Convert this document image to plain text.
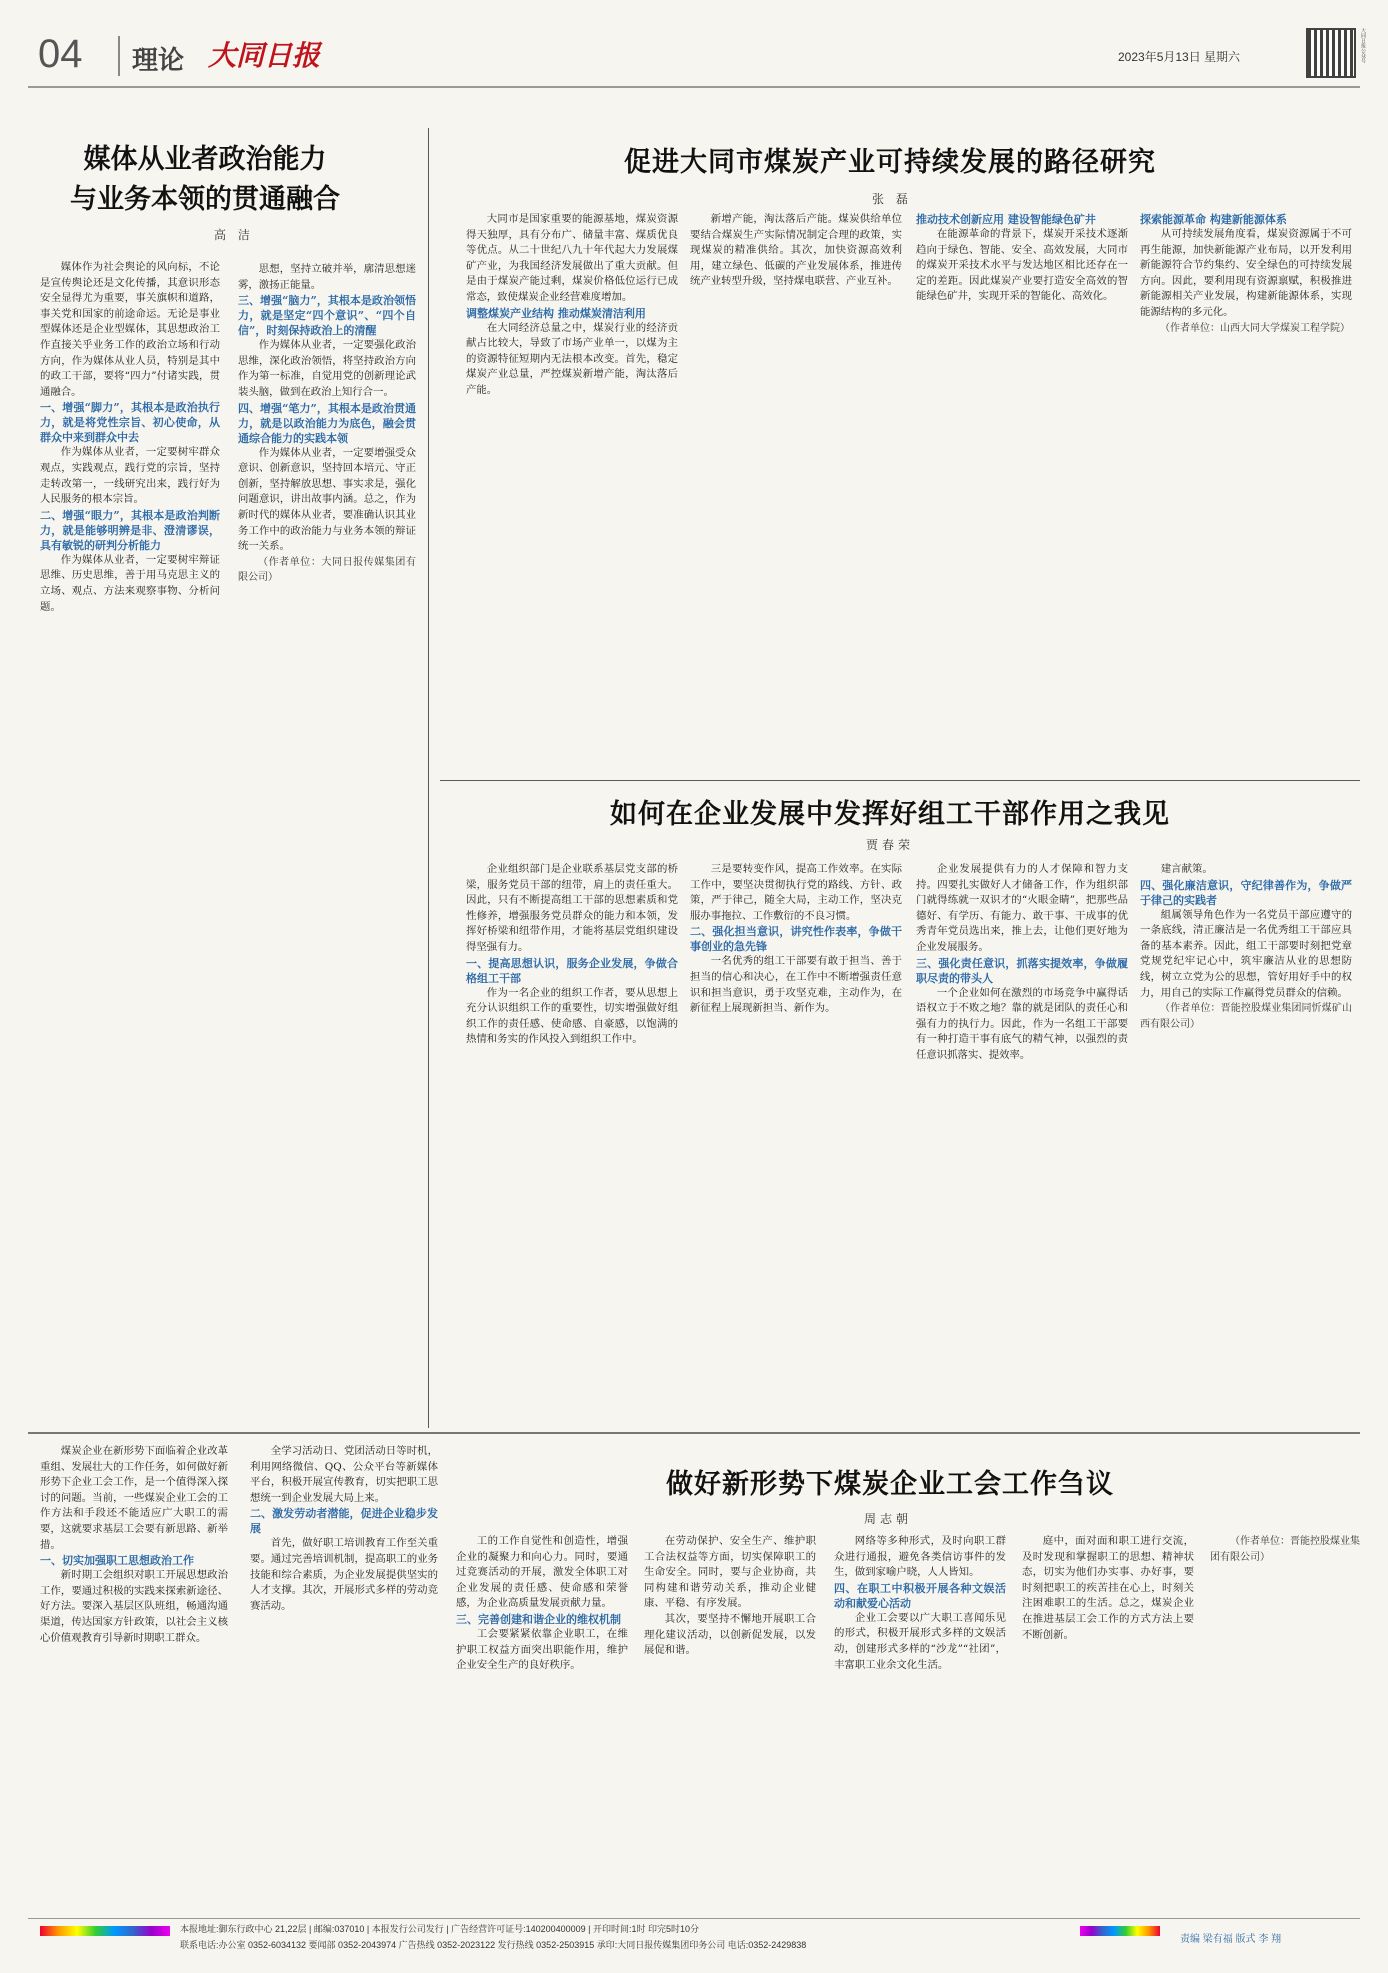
04 理论 大同日报	2023年5月13日 星期六	大同日报公众号
媒体从业者政治能力
与业务本领的贯通融合
高 洁

媒体作为社会舆论的风向标，不论是宣传舆论还是文化传播，其意识形态安全显得尤为重要，事关旗帜和道路，事关党和国家的前途命运。无论是事业型媒体还是企业型媒体，其思想政治工作直接关乎业务工作的政治立场和行动方向，作为媒体从业人员，特别是其中的政工干部，要将“四力”付诸实践，贯通融合。

一、增强“脚力”，其根本是政治执行力，就是将党性宗旨、初心使命，从群众中来到群众中去

作为媒体从业者，一定要树牢群众观点，实践观点，践行党的宗旨，坚持走转改第一，一线研究出来，践行好为人民服务的根本宗旨。

二、增强“眼力”，其根本是政治判断力，就是能够明辨是非、澄清谬误，具有敏锐的研判分析能力

作为媒体从业者，一定要树牢辩证思维、历史思维，善于用马克思主义的立场、观点、方法来观察事物、分析问题。

思想，坚持立破并举，廓清思想迷雾，激扬正能量。

三、增强“脑力”，其根本是政治领悟力，就是坚定“四个意识”、“四个自信”，时刻保持政治上的清醒

作为媒体从业者，一定要强化政治思维，深化政治领悟，将坚持政治方向作为第一标准，自觉用党的创新理论武装头脑，做到在政治上知行合一。

四、增强“笔力”，其根本是政治贯通力，就是以政治能力为底色，融会贯通综合能力的实践本领

作为媒体从业者，一定要增强受众意识、创新意识，坚持回本培元、守正创新，坚持解放思想、事实求是，强化问题意识，讲出故事内涵。总之，作为新时代的媒体从业者，要准确认识其业务工作中的政治能力与业务本领的辩证统一关系。

（作者单位：大同日报传媒集团有限公司）

促进大同市煤炭产业可持续发展的路径研究
张 磊

大同市是国家重要的能源基地，煤炭资源得天独厚，具有分布广、储量丰富、煤质优良等优点。从二十世纪八九十年代起大力发展煤矿产业，为我国经济发展做出了重大贡献。但是由于煤炭产能过剩，煤炭价格低位运行已成常态，致使煤炭企业经营难度增加。

调整煤炭产业结构 推动煤炭清洁利用

在大同经济总量之中，煤炭行业的经济贡献占比较大，导致了市场产业单一，以煤为主的资源特征短期内无法根本改变。首先，稳定煤炭产业总量，严控煤炭新增产能，淘汰落后产能。

新增产能，淘汰落后产能。煤炭供给单位要结合煤炭生产实际情况制定合理的政策，实现煤炭的精准供给。其次，加快资源高效利用，建立绿色、低碳的产业发展体系，推进传统产业转型升级，坚持煤电联营、产业互补。

推动技术创新应用 建设智能绿色矿井

在能源革命的背景下，煤炭开采技术逐渐趋向于绿色、智能、安全、高效发展，大同市的煤炭开采技术水平与发达地区相比还存在一定的差距。因此煤炭产业要打造安全高效的智能绿色矿井，实现开采的智能化、高效化。

探索能源革命 构建新能源体系

从可持续发展角度看，煤炭资源属于不可再生能源，加快新能源产业布局，以开发利用新能源符合节约集约、安全绿色的可持续发展方向。因此，要利用现有资源禀赋，积极推进新能源相关产业发展，构建新能源体系，实现能源结构的多元化。

（作者单位：山西大同大学煤炭工程学院）

如何在企业发展中发挥好组工干部作用之我见
贾春荣

企业组织部门是企业联系基层党支部的桥梁，服务党员干部的纽带，肩上的责任重大。因此，只有不断提高组工干部的思想素质和党性修养，增强服务党员群众的能力和本领，发挥好桥梁和纽带作用，才能将基层党组织建设得坚强有力。

一、提高思想认识，服务企业发展，争做合格组工干部

作为一名企业的组织工作者，要从思想上充分认识组织工作的重要性，切实增强做好组织工作的责任感、使命感、自豪感，以饱满的热情和务实的作风投入到组织工作中。

三是要转变作风，提高工作效率。在实际工作中，要坚决贯彻执行党的路线、方针、政策，严于律己，随全大局，主动工作，坚决克服办事拖拉、工作敷衍的不良习惯。

二、强化担当意识，讲究性作表率，争做干事创业的急先锋

一名优秀的组工干部要有敢于担当、善于担当的信心和决心，在工作中不断增强责任意识和担当意识，勇于攻坚克难，主动作为，在新征程上展现新担当、新作为。

企业发展提供有力的人才保障和智力支持。四要扎实做好人才储备工作，作为组织部门就得练就一双识才的“火眼金睛”，把那些品德好、有学历、有能力、敢干事、干成事的优秀青年党员选出来，推上去，让他们更好地为企业发展服务。

三、强化责任意识，抓落实提效率，争做履职尽责的带头人

一个企业如何在激烈的市场竞争中赢得话语权立于不败之地？靠的就是团队的责任心和强有力的执行力。因此，作为一名组工干部要有一种打造干事有底气的精气神，以强烈的责任意识抓落实、提效率。

建言献策。

四、强化廉洁意识，守纪律善作为，争做严于律己的实践者

組属领导角色作为一名党员干部应遵守的一条底线，清正廉洁是一名优秀组工干部应具备的基本素养。因此，组工干部要时刻把党章党规党纪牢记心中，筑牢廉洁从业的思想防线，树立立党为公的思想，管好用好手中的权力，用自己的实际工作赢得党员群众的信赖。

（作者单位：晋能控股煤业集团同忻煤矿山西有限公司）

做好新形势下煤炭企业工会工作刍议
周志朝

煤炭企业在新形势下面临着企业改革重组、发展壮大的工作任务，如何做好新形势下企业工会工作，是一个值得深入探讨的问题。当前，一些煤炭企业工会的工作方法和手段还不能适应广大职工的需要，这就要求基层工会要有新思路、新举措。

一、切实加强职工思想政治工作

新时期工会组织对职工开展思想政治工作，要通过积极的实践来探索新途径、好方法。要深入基层区队班组，畅通沟通渠道，传达国家方针政策，以社会主义核心价值观教育引导新时期职工群众。

全学习活动日、党团活动日等时机，利用网络微信、QQ、公众平台等新媒体平台，积极开展宣传教育，切实把职工思想统一到企业发展大局上来。

二、激发劳动者潜能，促进企业稳步发展

首先，做好职工培训教育工作至关重要。通过完善培训机制，提高职工的业务技能和综合素质，为企业发展提供坚实的人才支撑。其次，开展形式多样的劳动竞赛活动。

工的工作自觉性和创造性，增强企业的凝聚力和向心力。同时，要通过竞赛活动的开展，激发全体职工对企业发展的责任感、使命感和荣誉感，为企业高质量发展贡献力量。

三、完善创建和谐企业的维权机制

工会要紧紧依靠企业职工，在维护职工权益方面突出职能作用，维护企业安全生产的良好秩序。

在劳动保护、安全生产、维护职工合法权益等方面，切实保障职工的生命安全。同时，要与企业协商，共同构建和谐劳动关系，推动企业健康、平稳、有序发展。

其次，要坚持不懈地开展职工合理化建议活动，以创新促发展，以发展促和谐。

网络等多种形式，及时向职工群众进行通报，避免各类信访事件的发生，做到家喻户晓，人人皆知。

四、在职工中积极开展各种文娱活动和献爱心活动

企业工会要以广大职工喜闻乐见的形式，积极开展形式多样的文娱活动，创建形式多样的“沙龙”“社团”，丰富职工业余文化生活。

庭中，面对面和职工进行交流，及时发现和掌握职工的思想、精神状态，切实为他们办实事、办好事，要时刻把职工的疾苦挂在心上，时刻关注困难职工的生活。总之，煤炭企业在推进基层工会工作的方式方法上要不断创新。

（作者单位：晋能控股煤业集团有限公司）

本报地址:御东行政中心 21,22层 | 邮编:037010 | 本报发行公司发行 | 广告经营许可证号:140200400009 | 开印时间:1时 印完5时10分
联系电话:办公室 0352-6034132 要闻部 0352-2043974 广告热线 0352-2023122 发行热线 0352-2503915 承印:大同日报传媒集团印务公司 电话:0352-2429838	责编 梁有福 版式 李 翔
